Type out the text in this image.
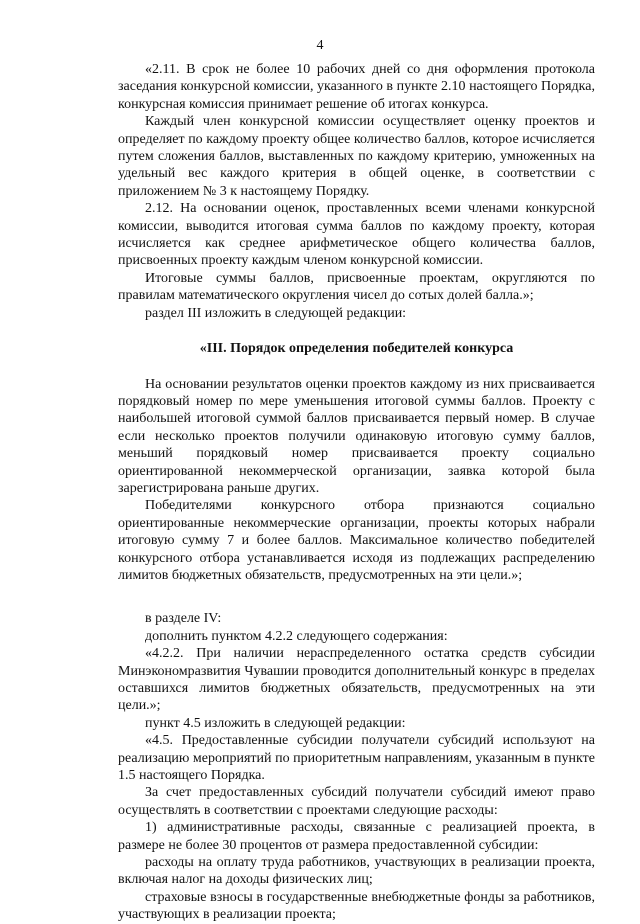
4

«2.11. В срок не более 10 рабочих дней со дня оформления протокола заседания конкурсной комиссии, указанного в пункте 2.10 настоящего Порядка, конкурсная комиссия принимает решение об итогах конкурса.

Каждый член конкурсной комиссии осуществляет оценку проектов и определяет по каждому проекту общее количество баллов, которое исчисляется путем сложения баллов, выставленных по каждому критерию, умноженных на удельный вес каждого критерия в общей оценке, в соответствии с приложением № 3 к настоящему Порядку.

2.12. На основании оценок, проставленных всеми членами конкурсной комиссии, выводится итоговая сумма баллов по каждому проекту, которая исчисляется как среднее арифметическое общего количества баллов, присвоенных проекту каждым членом конкурсной комиссии.

Итоговые суммы баллов, присвоенные проектам, округляются по правилам математического округления чисел до сотых долей балла.»;

раздел III изложить в следующей редакции:

«III. Порядок определения победителей конкурса

На основании результатов оценки проектов каждому из них присваивается порядковый номер по мере уменьшения итоговой суммы баллов. Проекту с наибольшей итоговой суммой баллов присваивается первый номер. В случае если несколько проектов получили одинаковую итоговую сумму баллов, меньший порядковый номер присваивается проекту социально ориентированной некоммерческой организации, заявка которой была зарегистрирована раньше других.

Победителями конкурсного отбора признаются социально ориентированные некоммерческие организации, проекты которых набрали итоговую сумму 7 и более баллов. Максимальное количество победителей конкурсного отбора устанавливается исходя из подлежащих распределению лимитов бюджетных обязательств, предусмотренных на эти цели.»;

в разделе IV:

дополнить пунктом 4.2.2 следующего содержания:

«4.2.2. При наличии нераспределенного остатка средств субсидии Минэкономразвития Чувашии проводится дополнительный конкурс в пределах оставшихся лимитов бюджетных обязательств, предусмотренных на эти цели.»;

пункт 4.5 изложить в следующей редакции:

«4.5. Предоставленные субсидии получатели субсидий используют на реализацию мероприятий по приоритетным направлениям, указанным в пункте 1.5 настоящего Порядка.

За счет предоставленных субсидий получатели субсидий имеют право осуществлять в соответствии с проектами следующие расходы:

1) административные расходы, связанные с реализацией проекта, в размере не более 30 процентов от размера предоставленной субсидии:

расходы на оплату труда работников, участвующих в реализации проекта, включая налог на доходы физических лиц;

страховые взносы в государственные внебюджетные фонды за работников, участвующих в реализации проекта;
